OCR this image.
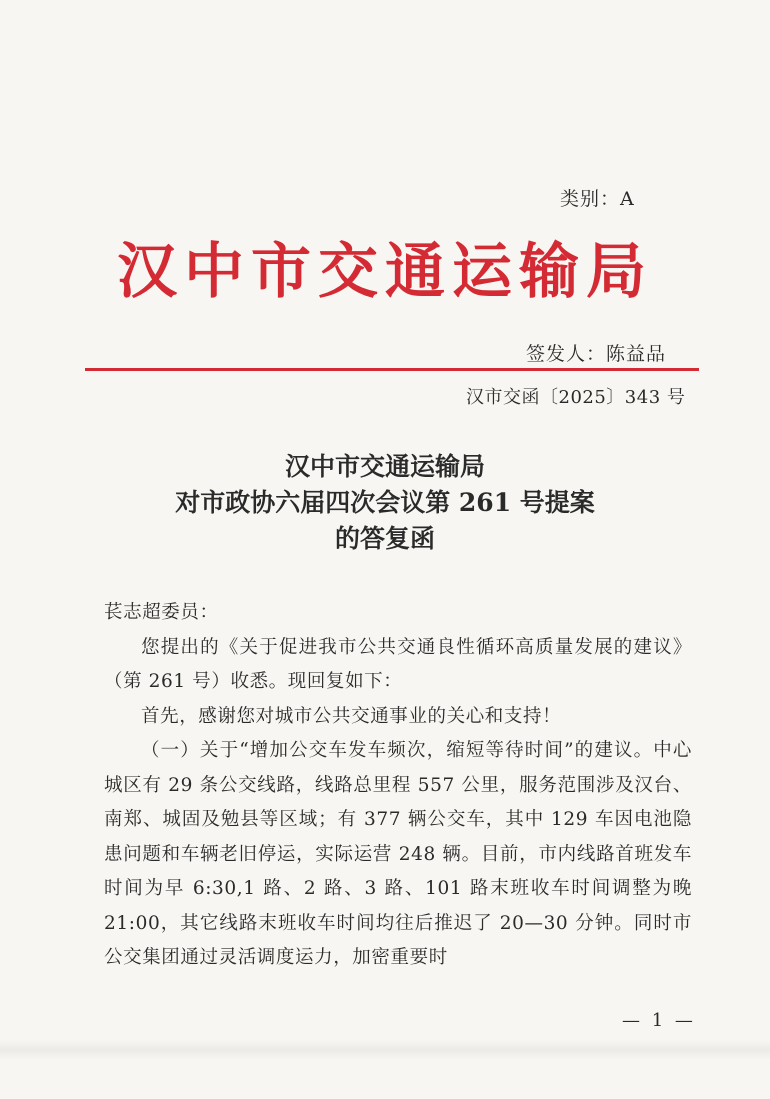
类别：A
汉中市交通运输局
签发人：陈益品
汉市交函〔2025〕343 号
汉中市交通运输局
对市政协六届四次会议第 261 号提案
的答复函

苌志超委员：

您提出的《关于促进我市公共交通良性循环高质量发展的建议》（第 261 号）收悉。现回复如下：

首先，感谢您对城市公共交通事业的关心和支持！

（一）关于“增加公交车发车频次，缩短等待时间”的建议。中心城区有 29 条公交线路，线路总里程 557 公里，服务范围涉及汉台、南郑、城固及勉县等区域；有 377 辆公交车，其中 129 车因电池隐患问题和车辆老旧停运，实际运营 248 辆。目前，市内线路首班发车时间为早 6:30,1 路、2 路、3 路、101 路末班收车时间调整为晚 21:00，其它线路末班收车时间均往后推迟了 20—30 分钟。同时市公交集团通过灵活调度运力，加密重要时

— 1 —
